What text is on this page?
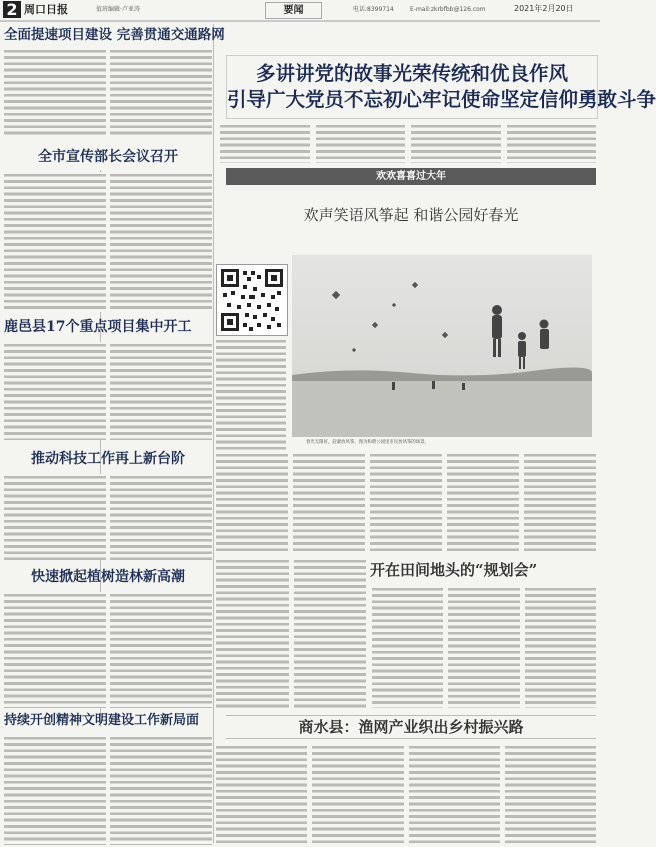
2 周口日报	值班编辑·卢亚涛	要闻	电话:8399714	E-mail:zkrbfbb@126.com	2021年2月20日
全面提速项目建设 完善贯通交通路网
全市宣传部长会议召开
鹿邑县17个重点项目集中开工
推动科技工作再上新台阶
快速掀起植树造林新高潮
持续开创精神文明建设工作新局面
多讲讲党的故事光荣传统和优良作风
引导广大党员不忘初心牢记使命坚定信仰勇敢斗争
欢欢喜喜过大年
欢声笑语风筝起 和谐公园好春光
春光无限好，赶紧放风筝。图为和谐公园里市民放风筝的场景。
开在田间地头的“规划会”
商水县：渔网产业织出乡村振兴路
